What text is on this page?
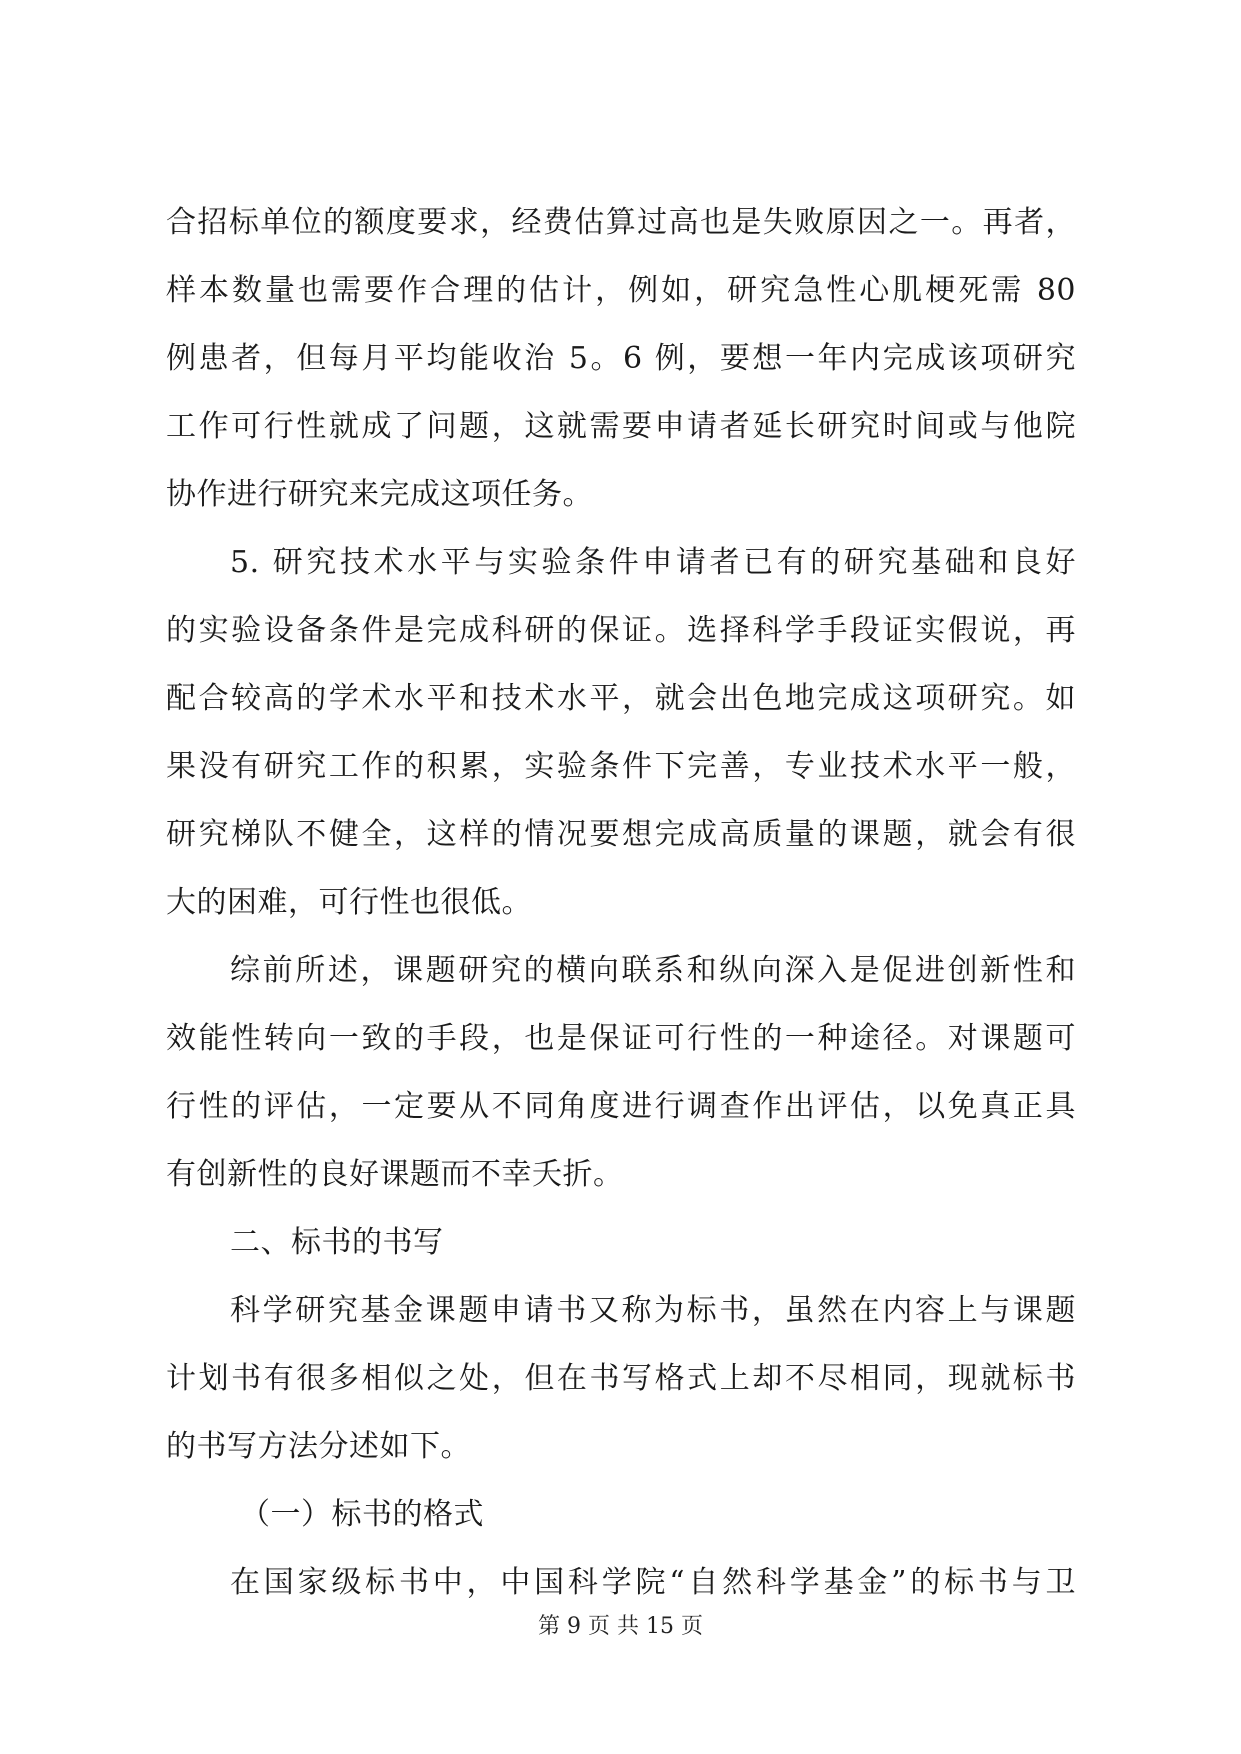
合招标单位的额度要求，经费估算过高也是失败原因之一。再者，
样本数量也需要作合理的估计，例如，研究急性心肌梗死需 80
例患者，但每月平均能收治 5。6 例，要想一年内完成该项研究
工作可行性就成了问题，这就需要申请者延长研究时间或与他院
协作进行研究来完成这项任务。
5. 研究技术水平与实验条件申请者已有的研究基础和良好
的实验设备条件是完成科研的保证。选择科学手段证实假说，再
配合较高的学术水平和技术水平，就会出色地完成这项研究。如
果没有研究工作的积累，实验条件下完善，专业技术水平一般，
研究梯队不健全，这样的情况要想完成高质量的课题，就会有很
大的困难，可行性也很低。
综前所述，课题研究的横向联系和纵向深入是促进创新性和
效能性转向一致的手段，也是保证可行性的一种途径。对课题可
行性的评估，一定要从不同角度进行调查作出评估，以免真正具
有创新性的良好课题而不幸夭折。
二、标书的书写
科学研究基金课题申请书又称为标书，虽然在内容上与课题
计划书有很多相似之处，但在书写格式上却不尽相同，现就标书
的书写方法分述如下。
（一）标书的格式
在国家级标书中，中国科学院“自然科学基金”的标书与卫
第 9 页 共 15 页
